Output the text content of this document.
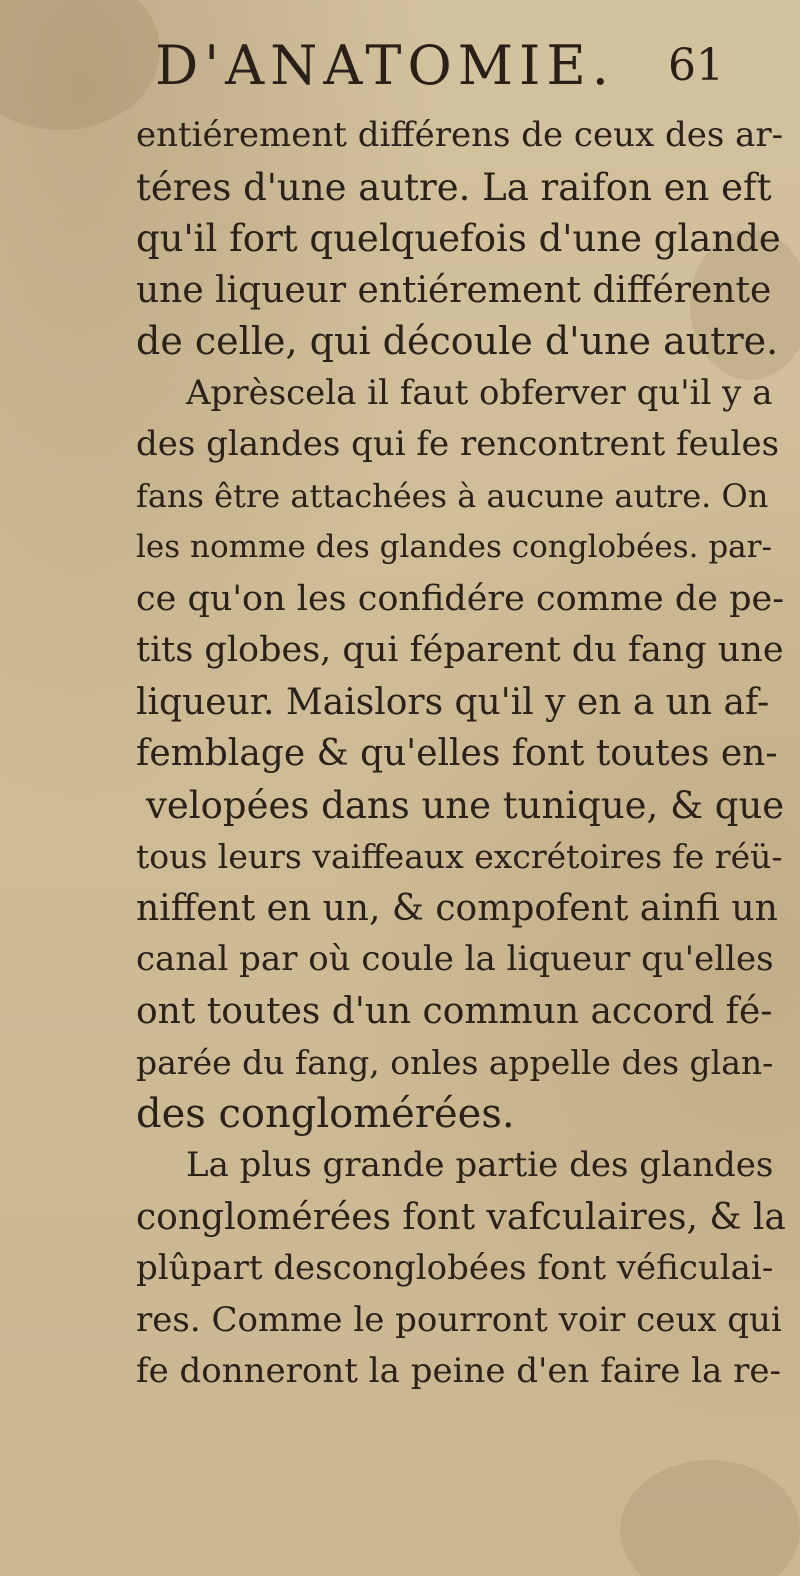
D'ANATOMIE. 61
entiérement différens de ceux des ar-
téres d'une autre. La raifon en eft
qu'il fort quelquefois d'une glande
une liqueur entiérement différente
de celle, qui découle d'une autre.
Aprèscela il faut obferver qu'il y a
des glandes qui fe rencontrent feules
fans être attachées à aucune autre. On
les nomme des glandes conglobées. par-
ce qu'on les confidére comme de pe-
tits globes, qui féparent du fang une
liqueur. Maislors qu'il y en a un af-
femblage & qu'elles font toutes en-
velopées dans une tunique, & que
tous leurs vaiffeaux excrétoires fe réü-
niffent en un, & compofent ainfi un
canal par où coule la liqueur qu'elles
ont toutes d'un commun accord fé-
parée du fang, onles appelle des glan-
des conglomérées.
La plus grande partie des glandes
conglomérées font vafculaires, & la
plûpart desconglobées font véficulai-
res. Comme le pourront voir ceux qui
fe donneront la peine d'en faire la re-
